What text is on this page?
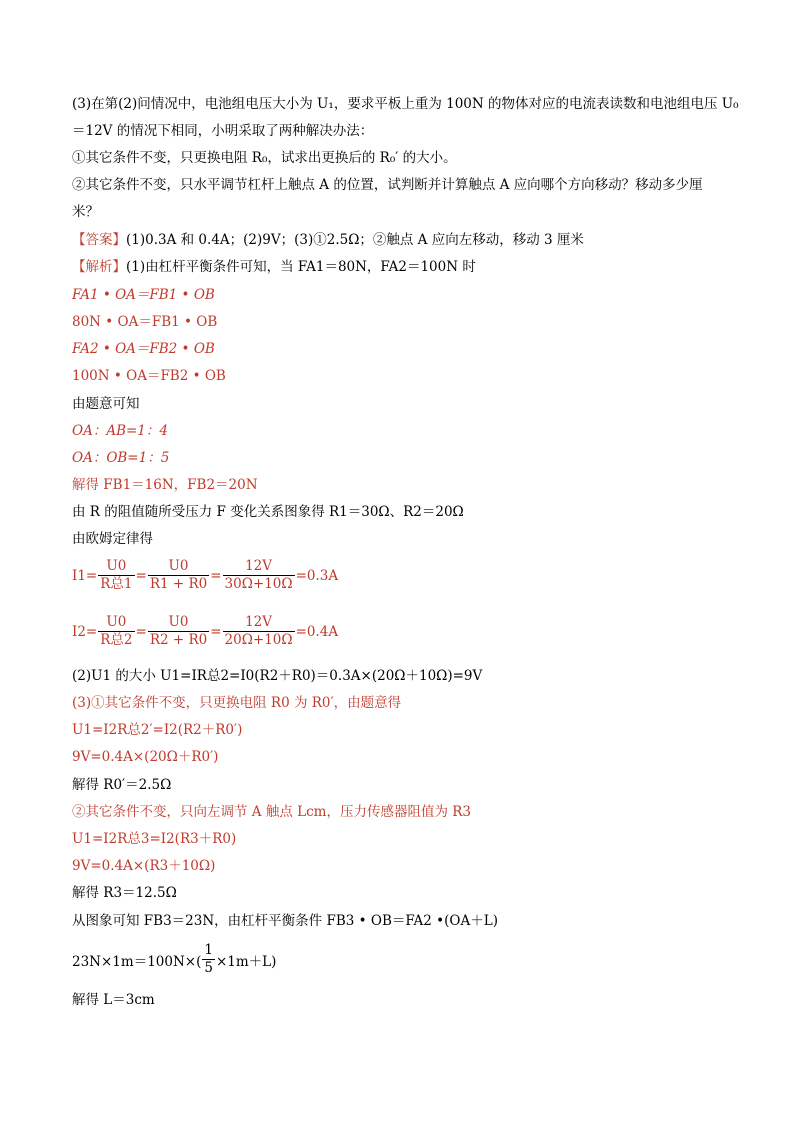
(3)在第(2)问情况中，电池组电压大小为 U₁，要求平板上重为 100N 的物体对应的电流表读数和电池组电压 U₀
＝12V 的情况下相同，小明采取了两种解决办法：
①其它条件不变，只更换电阻 R₀，试求出更换后的 R₀′ 的大小。
②其它条件不变，只水平调节杠杆上触点 A 的位置，试判断并计算触点 A 应向哪个方向移动？移动多少厘
米？
【答案】(1)0.3A 和 0.4A；(2)9V；(3)①2.5Ω；②触点 A 应向左移动，移动 3 厘米
【解析】(1)由杠杆平衡条件可知，当 FA1＝80N，FA2＝100N 时
FA1 • OA＝FB1 • OB
80N • OA＝FB1 • OB
FA2 • OA＝FB2 • OB
100N • OA＝FB2 • OB
由题意可知
OA：AB=1：4
OA：OB=1：5
解得 FB1＝16N，FB2＝20N
由 R 的阻值随所受压力 F 变化关系图象得 R1＝30Ω、R2＝20Ω
由欧姆定律得
$I1= \frac{U0}{\text{R总1}} = \frac{U0}{R1 + R0} = \frac{12V}{30\Omega+10\Omega} =0.3A$
$I2= \frac{U0}{\text{R总2}} = \frac{U0}{R2 + R0} = \frac{12V}{20\Omega+10\Omega} =0.4A$
(2)U1 的大小 U1=IR总2=I0(R2＋R0)＝0.3A×(20Ω＋10Ω)=9V
(3)①其它条件不变，只更换电阻 R0 为 R0′，由题意得
U1=I2R总2′=I2(R2＋R0′)
9V=0.4A×(20Ω＋R0′)
解得 R0′＝2.5Ω
②其它条件不变，只向左调节 A 触点 Lcm，压力传感器阻值为 R3
U1=I2R总3=I2(R3＋R0)
9V=0.4A×(R3＋10Ω)
解得 R3＝12.5Ω
从图象可知 FB3＝23N，由杠杆平衡条件 FB3 • OB＝FA2 •(OA＋L)
$23N\times 1m=100N\times( \frac{1}{5} \times 1m+L)$
解得 L＝3cm
